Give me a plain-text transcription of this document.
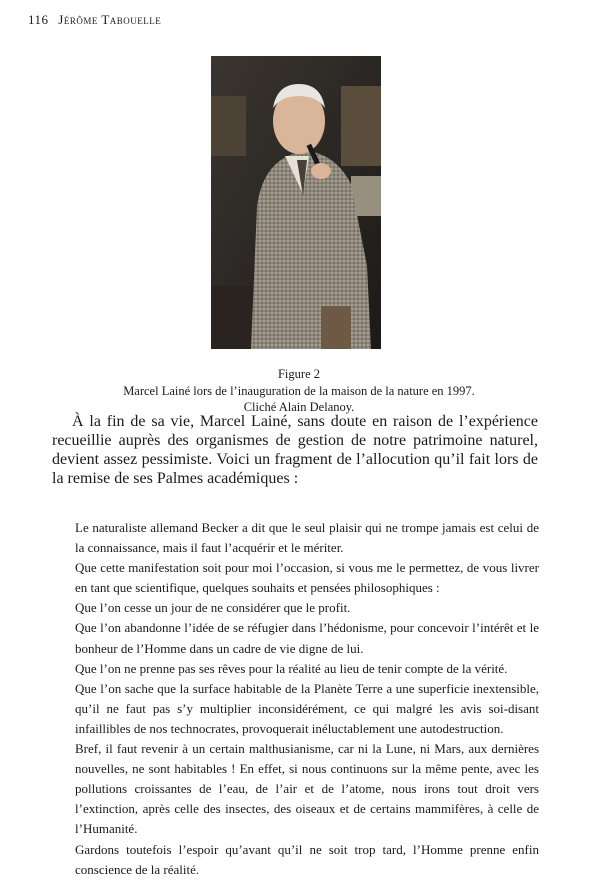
116 Jérôme Tabouelle
Figure 2
Marcel Lainé lors de l’inauguration de la maison de la nature en 1997.
Cliché Alain Delanoy.

À la fin de sa vie, Marcel Lainé, sans doute en raison de l’expérience recueillie auprès des organismes de gestion de notre patrimoine naturel, devient assez pessimiste. Voici un fragment de l’allocution qu’il fait lors de la remise de ses Palmes académiques :

Le naturaliste allemand Becker a dit que le seul plaisir qui ne trompe jamais est celui de la connaissance, mais il faut l’acquérir et le mériter.

Que cette manifestation soit pour moi l’occasion, si vous me le permettez, de vous livrer en tant que scientifique, quelques souhaits et pensées philosophiques :

Que l’on cesse un jour de ne considérer que le profit.

Que l’on abandonne l’idée de se réfugier dans l’hédonisme, pour concevoir l’intérêt et le bonheur de l’Homme dans un cadre de vie digne de lui.

Que l’on ne prenne pas ses rêves pour la réalité au lieu de tenir compte de la vérité.

Que l’on sache que la surface habitable de la Planète Terre a une superficie inextensible, qu’il ne faut pas s’y multiplier inconsidérément, ce qui malgré les avis soi-disant infaillibles de nos technocrates, provoquerait inéluctablement une autodestruction.

Bref, il faut revenir à un certain malthusianisme, car ni la Lune, ni Mars, aux dernières nouvelles, ne sont habitables ! En effet, si nous continuons sur la même pente, avec les pollutions croissantes de l’eau, de l’air et de l’atome, nous irons tout droit vers l’extinction, après celle des insectes, des oiseaux et de certains mammifères, à celle de l’Humanité.

Gardons toutefois l’espoir qu’avant qu’il ne soit trop tard, l’Homme prenne enfin conscience de la réalité.
